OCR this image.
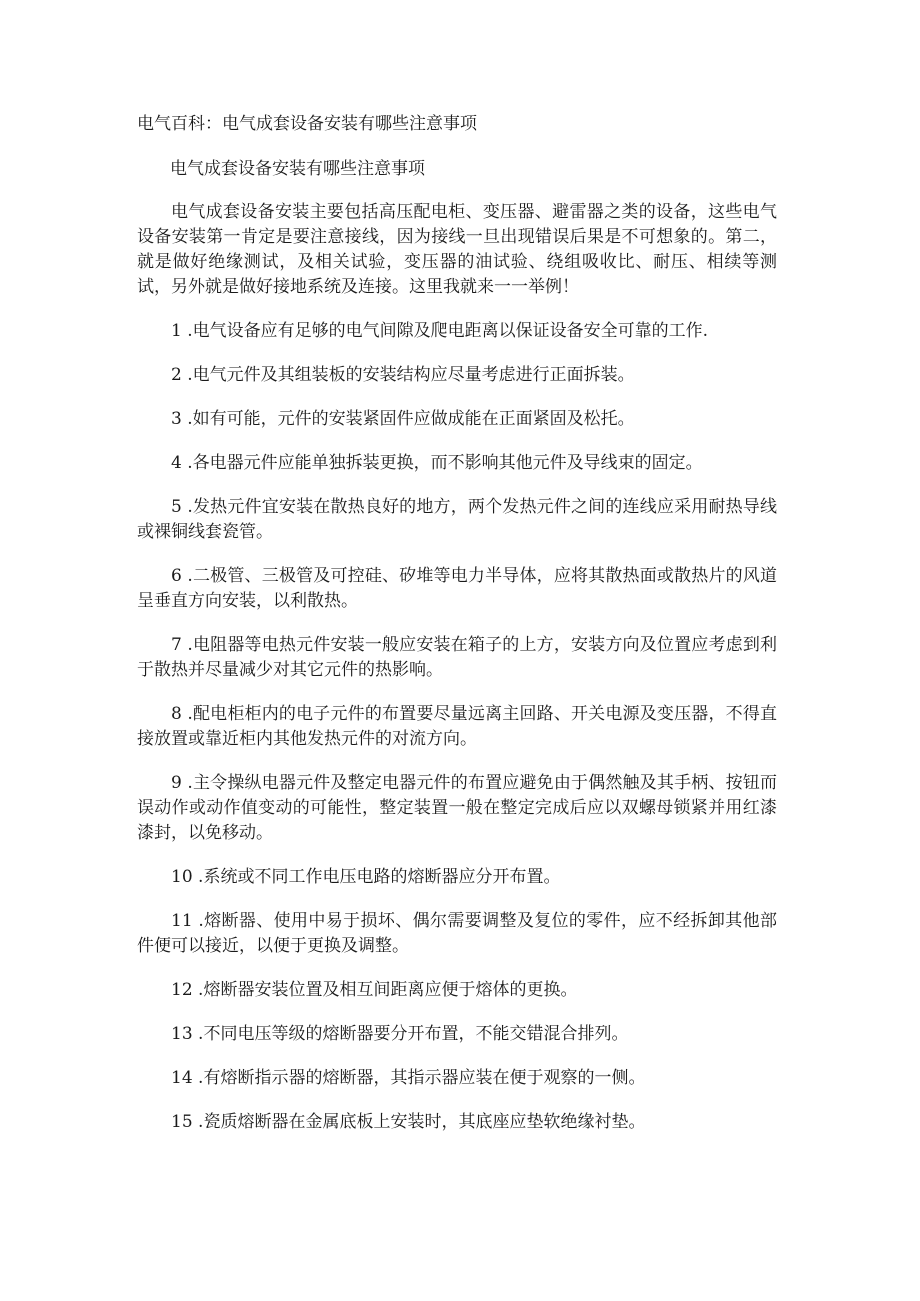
电气百科：电气成套设备安装有哪些注意事项
电气成套设备安装有哪些注意事项

电气成套设备安装主要包括高压配电柜、变压器、避雷器之类的设备，这些电气设备安装第一肯定是要注意接线，因为接线一旦出现错误后果是不可想象的。第二，就是做好绝缘测试，及相关试验，变压器的油试验、绕组吸收比、耐压、相续等测试，另外就是做好接地系统及连接。这里我就来一一举例！

1 .电气设备应有足够的电气间隙及爬电距离以保证设备安全可靠的工作.

2 .电气元件及其组装板的安装结构应尽量考虑进行正面拆装。

3 .如有可能，元件的安装紧固件应做成能在正面紧固及松托。

4 .各电器元件应能单独拆装更换，而不影响其他元件及导线束的固定。

5 .发热元件宜安装在散热良好的地方，两个发热元件之间的连线应采用耐热导线或裸铜线套瓷管。

6 .二极管、三极管及可控硅、矽堆等电力半导体，应将其散热面或散热片的风道呈垂直方向安装，以利散热。

7 .电阻器等电热元件安装一般应安装在箱子的上方，安装方向及位置应考虑到利于散热并尽量减少对其它元件的热影响。

8 .配电柜柜内的电子元件的布置要尽量远离主回路、开关电源及变压器，不得直接放置或靠近柜内其他发热元件的对流方向。

9 .主令操纵电器元件及整定电器元件的布置应避免由于偶然触及其手柄、按钮而误动作或动作值变动的可能性，整定装置一般在整定完成后应以双螺母锁紧并用红漆漆封，以免移动。

10 .系统或不同工作电压电路的熔断器应分开布置。

11 .熔断器、使用中易于损坏、偶尔需要调整及复位的零件，应不经拆卸其他部件便可以接近，以便于更换及调整。

12 .熔断器安装位置及相互间距离应便于熔体的更换。

13 .不同电压等级的熔断器要分开布置，不能交错混合排列。

14 .有熔断指示器的熔断器，其指示器应装在便于观察的一侧。

15 .瓷质熔断器在金属底板上安装时，其底座应垫软绝缘衬垫。
